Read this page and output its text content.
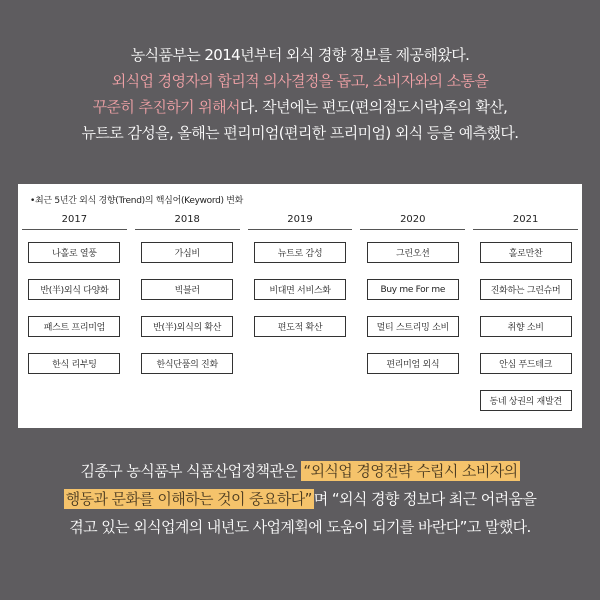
농식품부는 2014년부터 외식 경향 정보를 제공해왔다.
외식업 경영자의 합리적 의사결정을 돕고, 소비자와의 소통을
꾸준히 추진하기 위해서다. 작년에는 편도(편의점도시락)족의 확산,
뉴트로 감성을, 올해는 편리미엄(편리한 프리미엄) 외식 등을 예측했다.
•최근 5년간 외식 경향(Trend)의 핵심어(Keyword) 변화
2017
나홀로 열풍
반(半)외식 다양화
패스트 프리미엄
한식 리부팅
2018
가심비
빅블러
반(半)외식의 확산
한식단품의 진화
2019
뉴트로 감성
비대면 서비스화
편도적 확산
2020
그린오션
Buy me For me
멀티 스트리밍 소비
편리미엄 외식
2021
홀로만찬
진화하는 그린슈머
취향 소비
안심 푸드테크
동네 상권의 재발견
김종구 농식품부 식품산업정책관은 “외식업 경영전략 수립시 소비자의
행동과 문화를 이해하는 것이 중요하다” 며 “외식 경향 정보다 최근 어려움을
겪고 있는 외식업계의 내년도 사업계획에 도움이 되기를 바란다”고 말했다.
